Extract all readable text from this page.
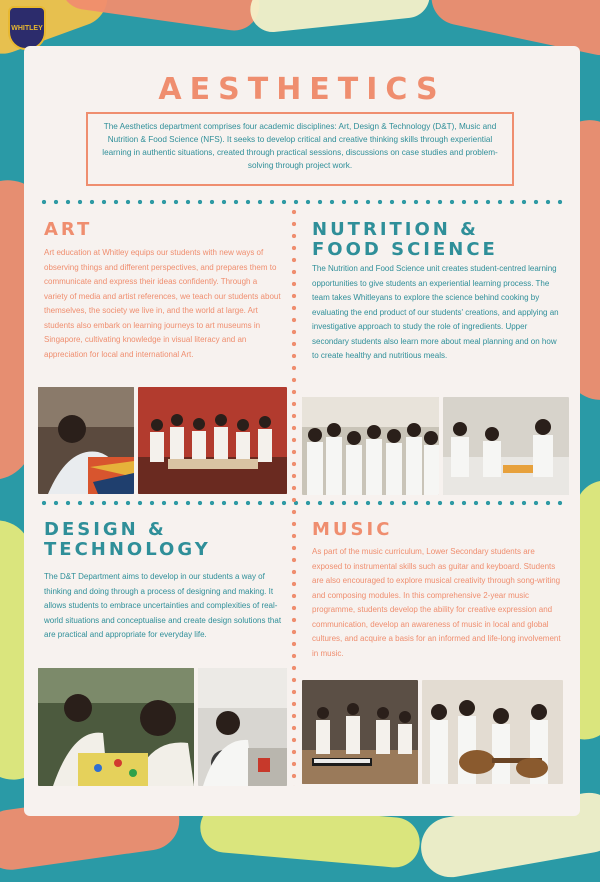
WHITLEY
AESTHETICS
The Aesthetics department comprises four academic disciplines: Art, Design & Technology (D&T), Music and Nutrition & Food Science (NFS). It seeks to develop critical and creative thinking skills through experiential learning in authentic situations, created through practical sessions, discussions on case studies and problem-solving through project work.
ART
Art education at Whitley equips our students with new ways of observing things and different perspectives, and prepares them to communicate and express their ideas confidently. Through a variety of media and artist references, we teach our students about themselves, the society we live in, and the world at large. Art students also embark on learning journeys to art museums in Singapore, cultivating knowledge in visual literacy and an appreciation for local and international Art.
NUTRITION &
FOOD SCIENCE
The Nutrition and Food Science unit creates student-centred learning opportunities to give students an experiential learning process. The team takes Whitleyans to explore the science behind cooking by evaluating the end product of our students' creations, and applying an investigative approach to study the role of ingredients. Upper secondary students also learn more about meal planning and on how to create healthy and nutritious meals.
DESIGN &
TECHNOLOGY
The D&T Department aims to develop in our students a way of thinking and doing through a process of designing and making. It allows students to embrace uncertainties and complexities of real-world situations and conceptualise and create design solutions that are practical and appropriate for everyday life.
MUSIC
As part of the music curriculum, Lower Secondary students are exposed to instrumental skills such as guitar and keyboard. Students are also encouraged to explore musical creativity through song-writing and composing modules. In this comprehensive 2-year music programme, students develop the ability for creative expression and communication, develop an awareness of music in local and global cultures, and acquire a basis for an informed and life-long involvement in music.
